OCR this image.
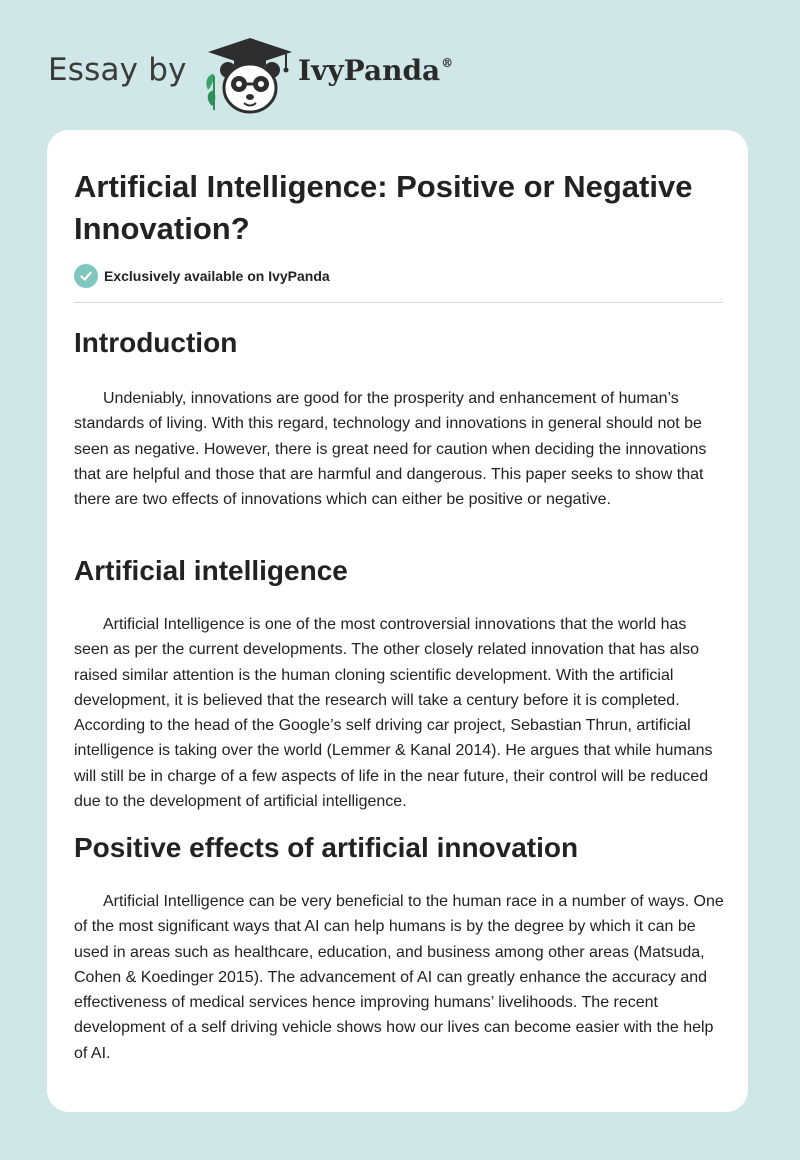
Essay by	IvyPanda®
Artificial Intelligence: Positive or Negative Innovation?
Exclusively available on IvyPanda
Introduction

Undeniably, innovations are good for the prosperity and enhancement of human’s standards of living. With this regard, technology and innovations in general should not be seen as negative. However, there is great need for caution when deciding the innovations that are helpful and those that are harmful and dangerous. This paper seeks to show that there are two effects of innovations which can either be positive or negative.

Artificial intelligence

Artificial Intelligence is one of the most controversial innovations that the world has seen as per the current developments. The other closely related innovation that has also raised similar attention is the human cloning scientific development. With the artificial development, it is believed that the research will take a century before it is completed. According to the head of the Google’s self driving car project, Sebastian Thrun, artificial intelligence is taking over the world (Lemmer & Kanal 2014). He argues that while humans will still be in charge of a few aspects of life in the near future, their control will be reduced due to the development of artificial intelligence.

Positive effects of artificial innovation

Artificial Intelligence can be very beneficial to the human race in a number of ways. One of the most significant ways that AI can help humans is by the degree by which it can be used in areas such as healthcare, education, and business among other areas (Matsuda, Cohen & Koedinger 2015). The advancement of AI can greatly enhance the accuracy and effectiveness of medical services hence improving humans’ livelihoods. The recent development of a self driving vehicle shows how our lives can become easier with the help of AI.
